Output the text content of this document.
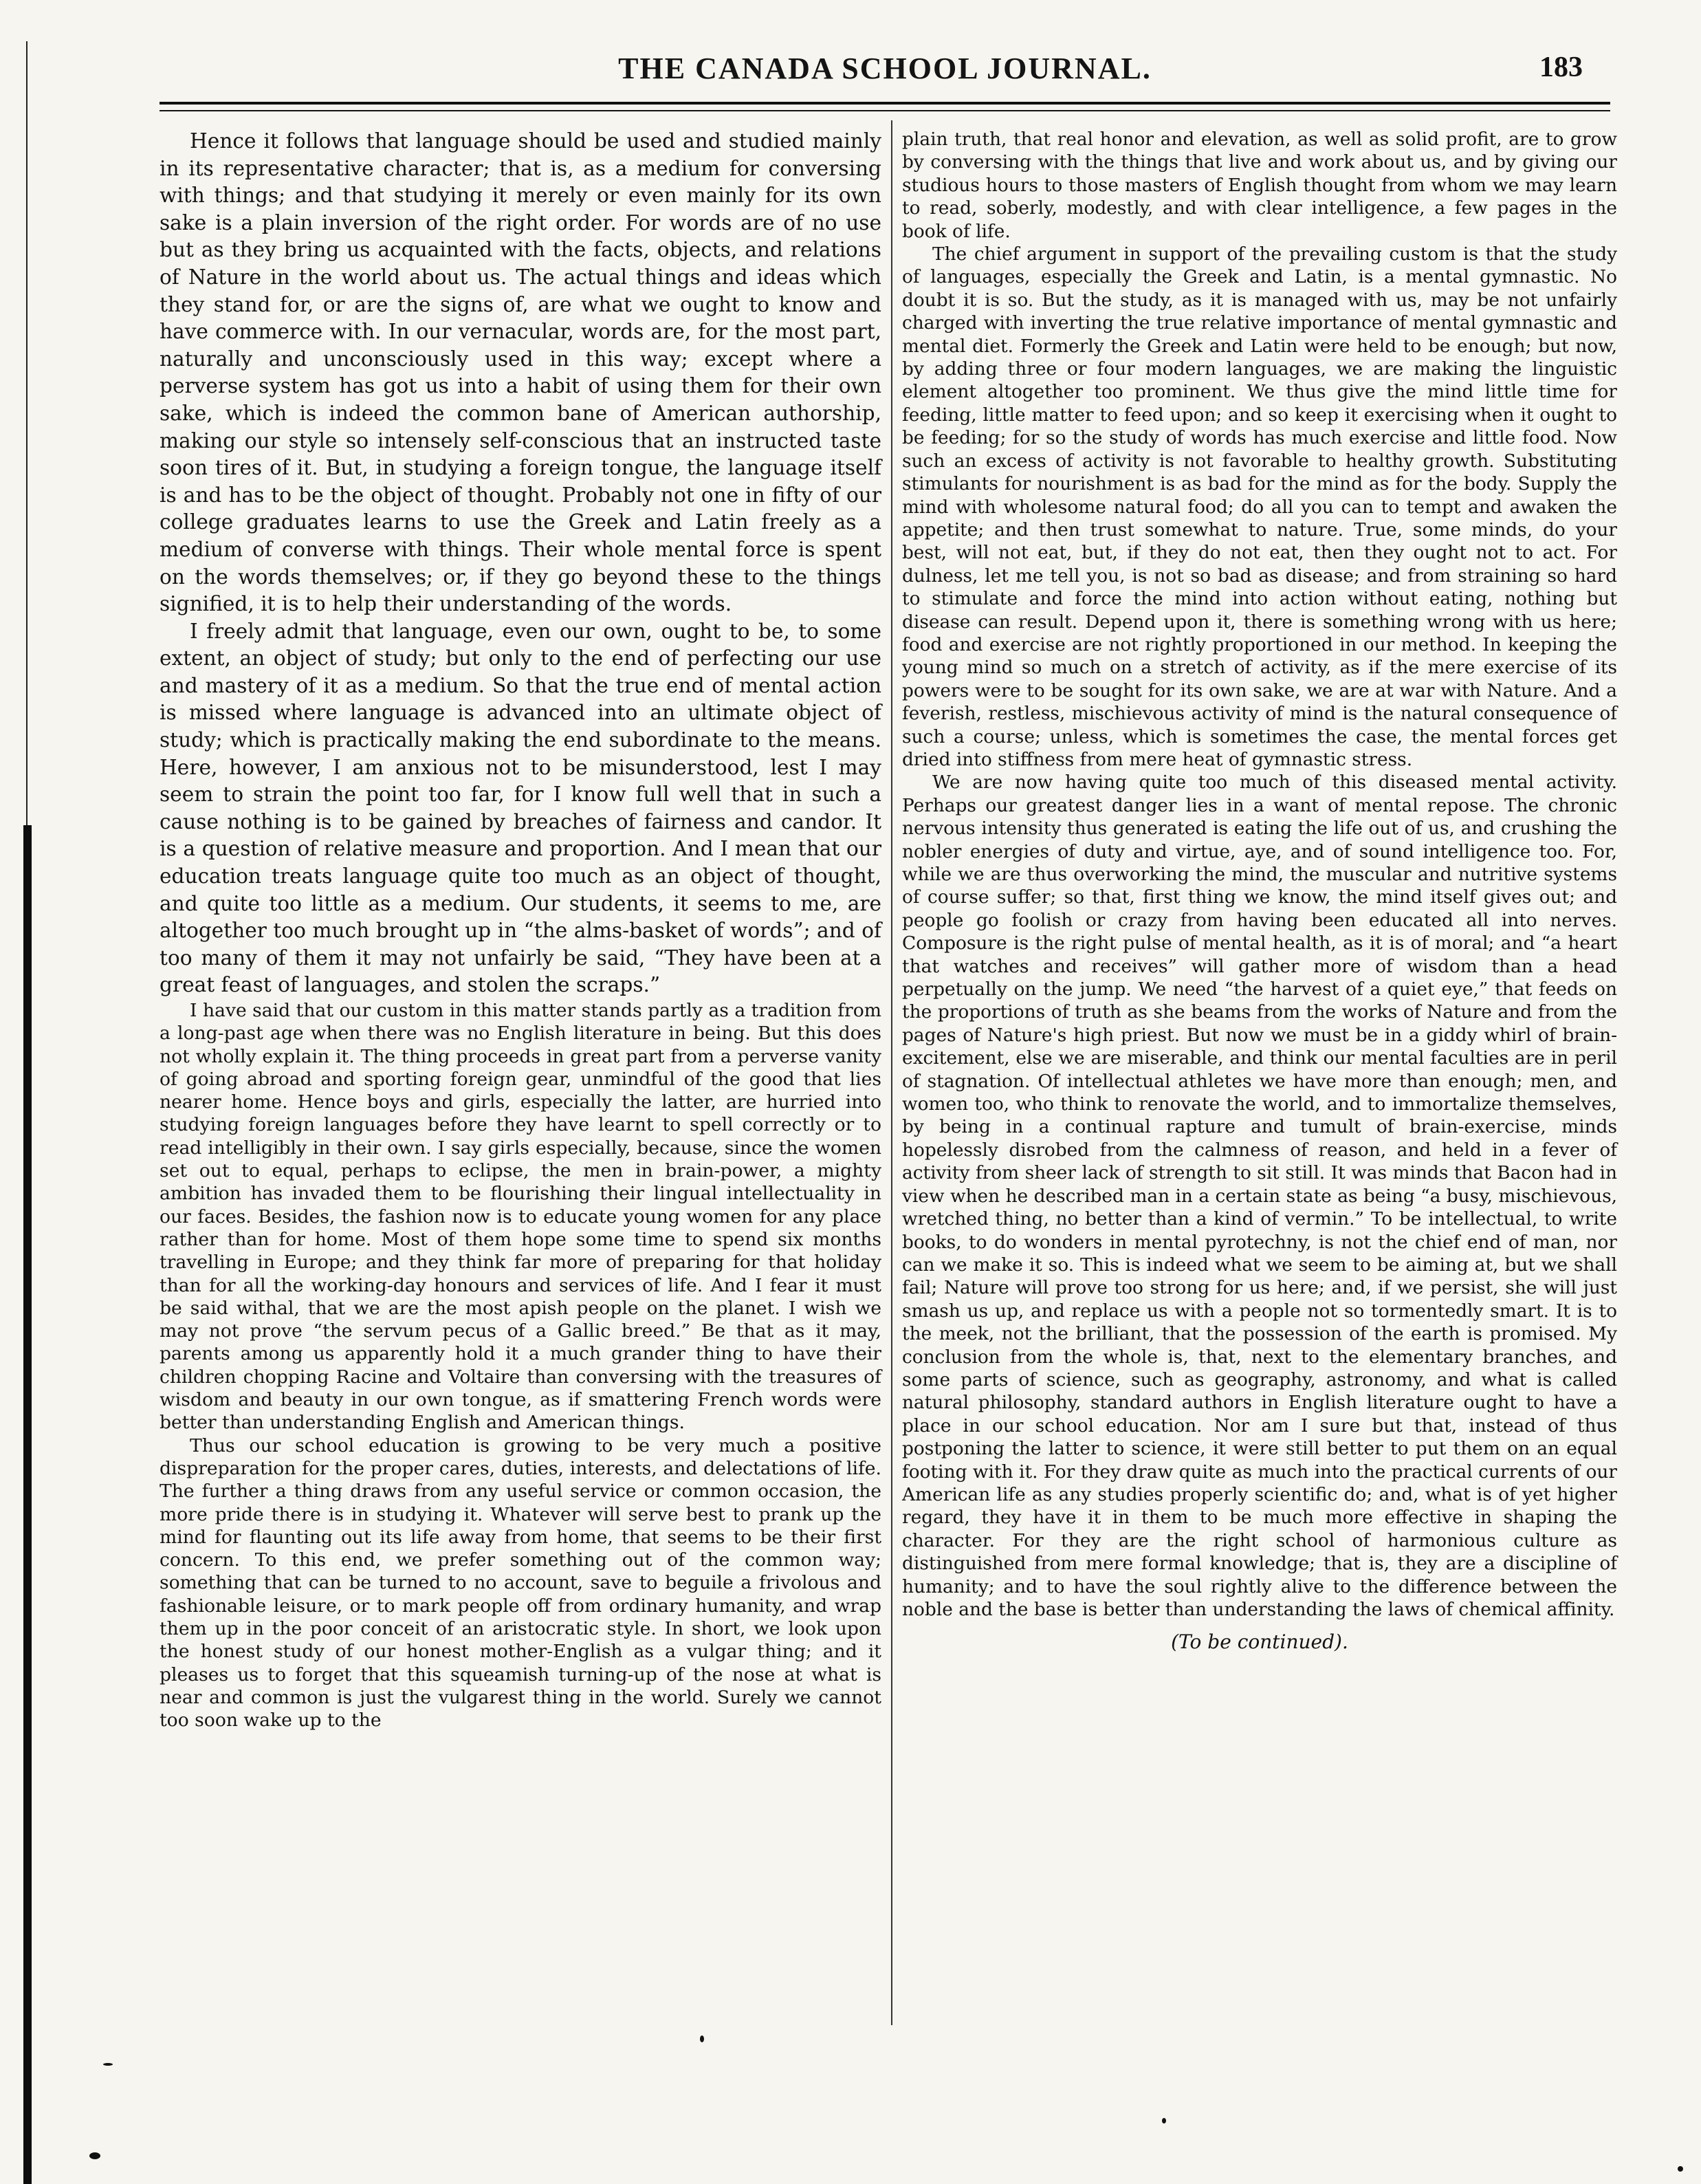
THE CANADA SCHOOL JOURNAL.	183

Hence it follows that language should be used and studied mainly in its representative character; that is, as a medium for conversing with things; and that studying it merely or even mainly for its own sake is a plain inversion of the right order. For words are of no use but as they bring us acquainted with the facts, objects, and relations of Nature in the world about us. The actual things and ideas which they stand for, or are the signs of, are what we ought to know and have commerce with. In our vernacular, words are, for the most part, naturally and unconsciously used in this way; except where a perverse system has got us into a habit of using them for their own sake, which is indeed the common bane of American authorship, making our style so intensely self-conscious that an instructed taste soon tires of it. But, in studying a foreign tongue, the language itself is and has to be the object of thought. Probably not one in fifty of our college graduates learns to use the Greek and Latin freely as a medium of converse with things. Their whole mental force is spent on the words themselves; or, if they go beyond these to the things signified, it is to help their understanding of the words.

I freely admit that language, even our own, ought to be, to some extent, an object of study; but only to the end of perfecting our use and mastery of it as a medium. So that the true end of mental action is missed where language is advanced into an ultimate object of study; which is practically making the end subordinate to the means. Here, however, I am anxious not to be misunderstood, lest I may seem to strain the point too far, for I know full well that in such a cause nothing is to be gained by breaches of fairness and candor. It is a question of relative measure and proportion. And I mean that our education treats language quite too much as an object of thought, and quite too little as a medium. Our students, it seems to me, are altogether too much brought up in “the alms-basket of words”; and of too many of them it may not unfairly be said, “They have been at a great feast of languages, and stolen the scraps.”

I have said that our custom in this matter stands partly as a tradition from a long-past age when there was no English literature in being. But this does not wholly explain it. The thing proceeds in great part from a perverse vanity of going abroad and sporting foreign gear, unmindful of the good that lies nearer home. Hence boys and girls, especially the latter, are hurried into studying foreign languages before they have learnt to spell correctly or to read intelligibly in their own. I say girls especially, because, since the women set out to equal, perhaps to eclipse, the men in brain-power, a mighty ambition has invaded them to be flourishing their lingual intellectuality in our faces. Besides, the fashion now is to educate young women for any place rather than for home. Most of them hope some time to spend six months travelling in Europe; and they think far more of preparing for that holiday than for all the working-day honours and services of life. And I fear it must be said withal, that we are the most apish people on the planet. I wish we may not prove “the servum pecus of a Gallic breed.” Be that as it may, parents among us apparently hold it a much grander thing to have their children chopping Racine and Voltaire than conversing with the treasures of wisdom and beauty in our own tongue, as if smattering French words were better than understanding English and American things.

Thus our school education is growing to be very much a positive dispreparation for the proper cares, duties, interests, and delectations of life. The further a thing draws from any useful service or common occasion, the more pride there is in studying it. Whatever will serve best to prank up the mind for flaunting out its life away from home, that seems to be their first concern. To this end, we prefer something out of the common way; something that can be turned to no account, save to beguile a frivolous and fashionable leisure, or to mark people off from ordinary humanity, and wrap them up in the poor conceit of an aristocratic style. In short, we look upon the honest study of our honest mother-English as a vulgar thing; and it pleases us to forget that this squeamish turning-up of the nose at what is near and common is just the vulgarest thing in the world. Surely we cannot too soon wake up to the

plain truth, that real honor and elevation, as well as solid profit, are to grow by conversing with the things that live and work about us, and by giving our studious hours to those masters of English thought from whom we may learn to read, soberly, modestly, and with clear intelligence, a few pages in the book of life.

The chief argument in support of the prevailing custom is that the study of languages, especially the Greek and Latin, is a mental gymnastic. No doubt it is so. But the study, as it is managed with us, may be not unfairly charged with inverting the true relative importance of mental gymnastic and mental diet. Formerly the Greek and Latin were held to be enough; but now, by adding three or four modern languages, we are making the linguistic element altogether too prominent. We thus give the mind little time for feeding, little matter to feed upon; and so keep it exercising when it ought to be feeding; for so the study of words has much exercise and little food. Now such an excess of activity is not favorable to healthy growth. Substituting stimulants for nourishment is as bad for the mind as for the body. Supply the mind with wholesome natural food; do all you can to tempt and awaken the appetite; and then trust somewhat to nature. True, some minds, do your best, will not eat, but, if they do not eat, then they ought not to act. For dulness, let me tell you, is not so bad as disease; and from straining so hard to stimulate and force the mind into action without eating, nothing but disease can result. Depend upon it, there is something wrong with us here; food and exercise are not rightly proportioned in our method. In keeping the young mind so much on a stretch of activity, as if the mere exercise of its powers were to be sought for its own sake, we are at war with Nature. And a feverish, restless, mischievous activity of mind is the natural consequence of such a course; unless, which is sometimes the case, the mental forces get dried into stiffness from mere heat of gymnastic stress.

We are now having quite too much of this diseased mental activity. Perhaps our greatest danger lies in a want of mental repose. The chronic nervous intensity thus generated is eating the life out of us, and crushing the nobler energies of duty and virtue, aye, and of sound intelligence too. For, while we are thus overworking the mind, the muscular and nutritive systems of course suffer; so that, first thing we know, the mind itself gives out; and people go foolish or crazy from having been educated all into nerves. Composure is the right pulse of mental health, as it is of moral; and “a heart that watches and receives” will gather more of wisdom than a head perpetually on the jump. We need “the harvest of a quiet eye,” that feeds on the proportions of truth as she beams from the works of Nature and from the pages of Nature's high priest. But now we must be in a giddy whirl of brain-excitement, else we are miserable, and think our mental faculties are in peril of stagnation. Of intellectual athletes we have more than enough; men, and women too, who think to renovate the world, and to immortalize themselves, by being in a continual rapture and tumult of brain-exercise, minds hopelessly disrobed from the calmness of reason, and held in a fever of activity from sheer lack of strength to sit still. It was minds that Bacon had in view when he described man in a certain state as being “a busy, mischievous, wretched thing, no better than a kind of vermin.” To be intellectual, to write books, to do wonders in mental pyrotechny, is not the chief end of man, nor can we make it so. This is indeed what we seem to be aiming at, but we shall fail; Nature will prove too strong for us here; and, if we persist, she will just smash us up, and replace us with a people not so tormentedly smart. It is to the meek, not the brilliant, that the possession of the earth is promised. My conclusion from the whole is, that, next to the elementary branches, and some parts of science, such as geography, astronomy, and what is called natural philosophy, standard authors in English literature ought to have a place in our school education. Nor am I sure but that, instead of thus postponing the latter to science, it were still better to put them on an equal footing with it. For they draw quite as much into the practical currents of our American life as any studies properly scientific do; and, what is of yet higher regard, they have it in them to be much more effective in shaping the character. For they are the right school of harmonious culture as distinguished from mere formal knowledge; that is, they are a discipline of humanity; and to have the soul rightly alive to the difference between the noble and the base is better than understanding the laws of chemical affinity.

(To be continued).
